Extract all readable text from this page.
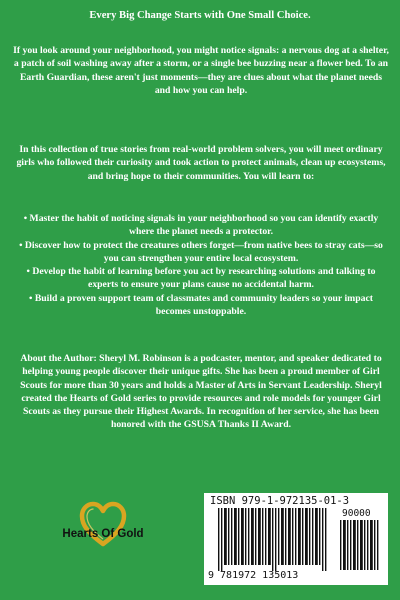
Every Big Change Starts with One Small Choice.
If you look around your neighborhood, you might notice signals: a nervous dog at a shelter, a patch of soil washing away after a storm, or a single bee buzzing near a flower bed. To an Earth Guardian, these aren't just moments—they are clues about what the planet needs and how you can help.
In this collection of true stories from real-world problem solvers, you will meet ordinary girls who followed their curiosity and took action to protect animals, clean up ecosystems, and bring hope to their communities. You will learn to:
• Master the habit of noticing signals in your neighborhood so you can identify exactly where the planet needs a protector.
• Discover how to protect the creatures others forget—from native bees to stray cats—so you can strengthen your entire local ecosystem.
• Develop the habit of learning before you act by researching solutions and talking to experts to ensure your plans cause no accidental harm.
• Build a proven support team of classmates and community leaders so your impact becomes unstoppable.
About the Author: Sheryl M. Robinson is a podcaster, mentor, and speaker dedicated to helping young people discover their unique gifts. She has been a proud member of Girl Scouts for more than 30 years and holds a Master of Arts in Servant Leadership. Sheryl created the Hearts of Gold series to provide resources and role models for younger Girl Scouts as they pursue their Highest Awards. In recognition of her service, she has been honored with the GSUSA Thanks II Award.
Hearts Of Gold
ISBN 979-1-972135-01-3
90000
9 781972 135013
